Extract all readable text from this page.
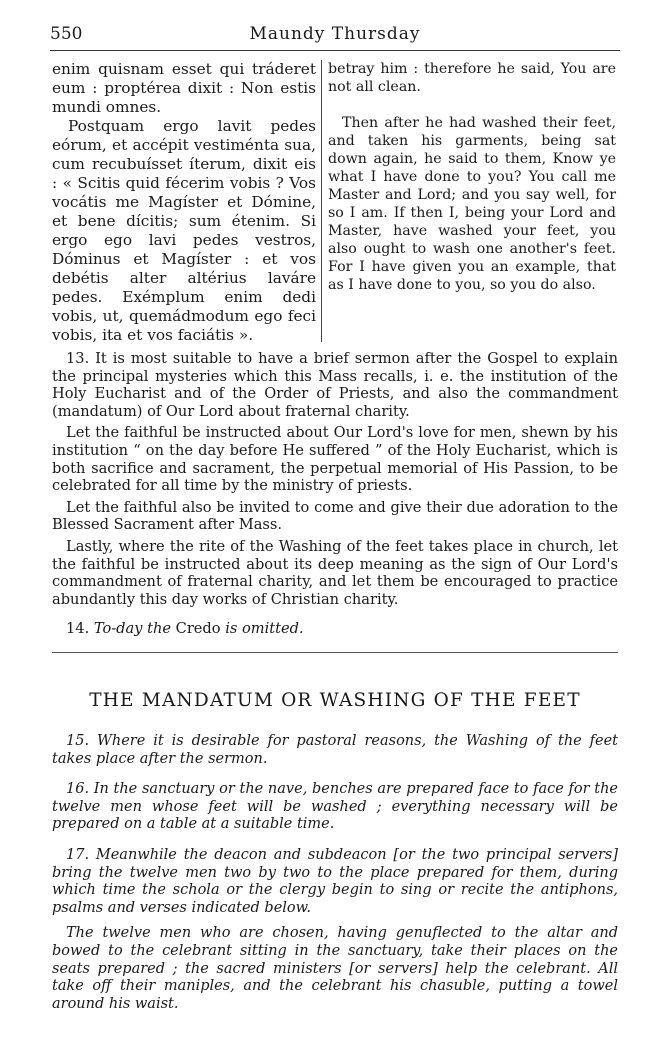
550	Maundy Thursday

enim quisnam esset qui tráderet eum : proptérea dixit : Non estis mundi omnes.

Postquam ergo lavit pedes eórum, et accépit vestiménta sua, cum recubuísset íterum, dixit eis : « Scitis quid fécerim vobis ? Vos vocátis me Magíster et Dómine, et bene dícitis; sum étenim. Si ergo ego lavi pedes vestros, Dóminus et Magíster : et vos debétis alter altérius laváre pedes. Exémplum enim dedi vobis, ut, quemádmodum ego feci vobis, ita et vos faciátis ».

betray him : therefore he said, You are not all clean.

Then after he had washed their feet, and taken his garments, being sat down again, he said to them, Know ye what I have done to you? You call me Master and Lord; and you say well, for so I am. If then I, being your Lord and Master, have washed your feet, you also ought to wash one another's feet. For I have given you an example, that as I have done to you, so you do also.

13. It is most suitable to have a brief sermon after the Gospel to explain the principal mysteries which this Mass recalls, i. e. the institution of the Holy Eucharist and of the Order of Priests, and also the commandment (mandatum) of Our Lord about fraternal charity.

Let the faithful be instructed about Our Lord's love for men, shewn by his institution “ on the day before He suffered ” of the Holy Eucharist, which is both sacrifice and sacrament, the perpetual memorial of His Passion, to be celebrated for all time by the ministry of priests.

Let the faithful also be invited to come and give their due adoration to the Blessed Sacrament after Mass.

Lastly, where the rite of the Washing of the feet takes place in church, let the faithful be instructed about its deep meaning as the sign of Our Lord's commandment of fraternal charity, and let them be encouraged to practice abundantly this day works of Christian charity.

14. To-day the Credo is omitted.

THE MANDATUM OR WASHING OF THE FEET

15. Where it is desirable for pastoral reasons, the Washing of the feet takes place after the sermon.

16. In the sanctuary or the nave, benches are prepared face to face for the twelve men whose feet will be washed ; everything necessary will be prepared on a table at a suitable time.

17. Meanwhile the deacon and subdeacon [or the two principal servers] bring the twelve men two by two to the place prepared for them, during which time the schola or the clergy begin to sing or recite the antiphons, psalms and verses indicated below.

The twelve men who are chosen, having genuflected to the altar and bowed to the celebrant sitting in the sanctuary, take their places on the seats prepared ; the sacred ministers [or servers] help the celebrant. All take off their maniples, and the celebrant his chasuble, putting a towel around his waist.
